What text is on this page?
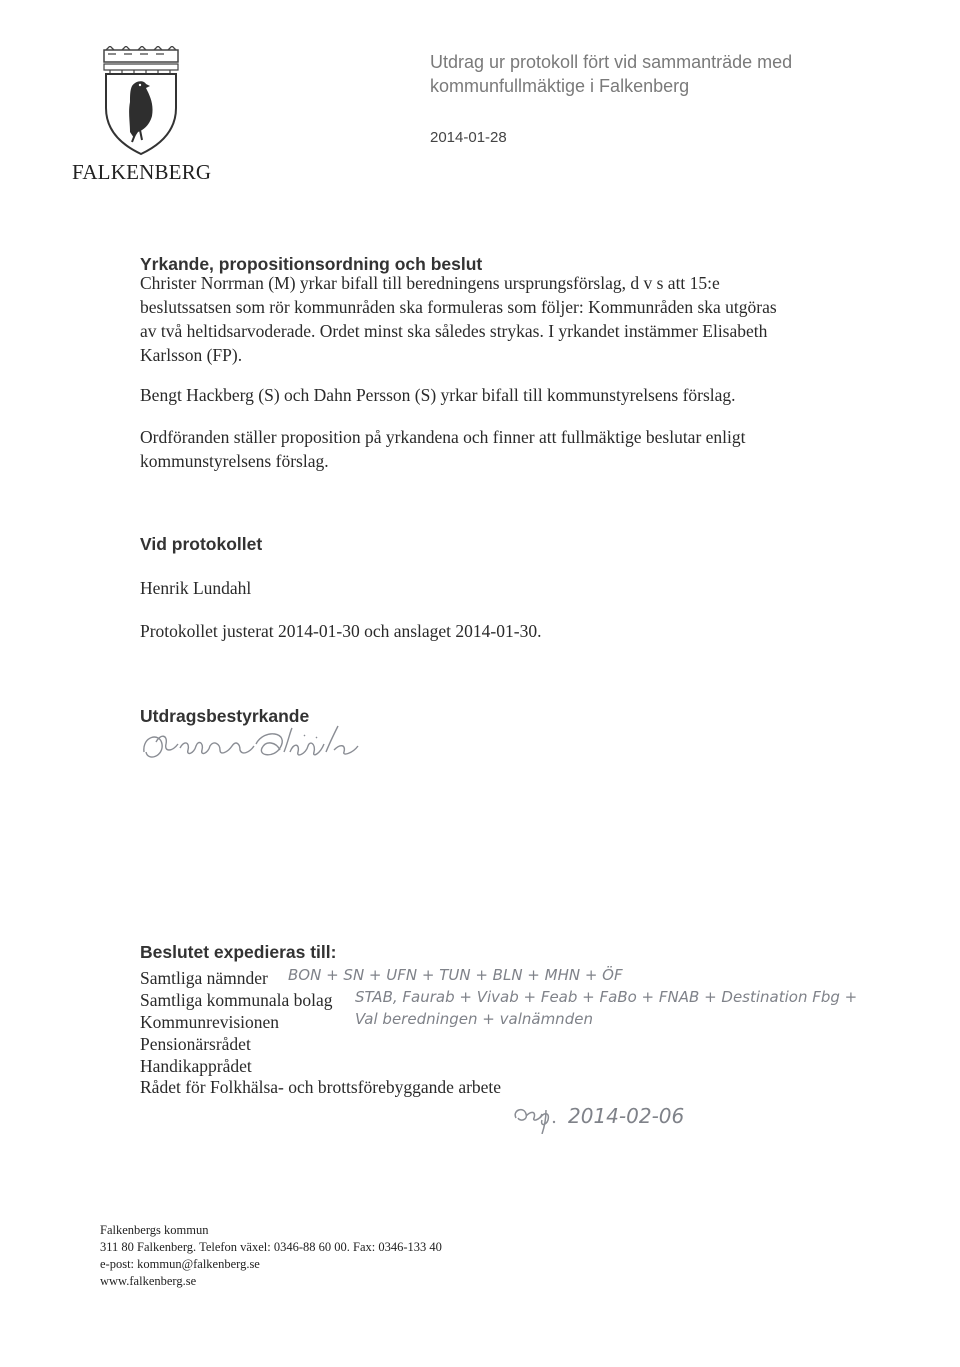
FALKENBERG
Utdrag ur protokoll fört vid sammanträde med
kommunfullmäktige i Falkenberg
2014-01-28
Yrkande, propositionsordning och beslut
Christer Norrman (M) yrkar bifall till beredningens ursprungsförslag, d v s att 15:e
beslutssatsen som rör kommunråden ska formuleras som följer: Kommunråden ska utgöras
av två heltidsarvoderade. Ordet minst ska således strykas. I yrkandet instämmer Elisabeth
Karlsson (FP).
Bengt Hackberg (S) och Dahn Persson (S) yrkar bifall till kommunstyrelsens förslag.
Ordföranden ställer proposition på yrkandena och finner att fullmäktige beslutar enligt
kommunstyrelsens förslag.
Vid protokollet
Henrik Lundahl
Protokollet justerat 2014-01-30 och anslaget 2014-01-30.
Utdragsbestyrkande
Beslutet expedieras till:
Samtliga nämnder
Samtliga kommunala bolag
Kommunrevisionen
Pensionärsrådet
Handikapprådet
Rådet för Folkhälsa- och brottsförebyggande arbete
BON + SN + UFN + TUN + BLN + MHN + ÖF
STAB, Faurab + Vivab + Feab + FaBo + FNAB + Destination Fbg +
Val beredningen + valnämnden
2014-02-06
Falkenbergs kommun
311 80 Falkenberg. Telefon växel: 0346-88 60 00. Fax: 0346-133 40
e-post: kommun@falkenberg.se
www.falkenberg.se
